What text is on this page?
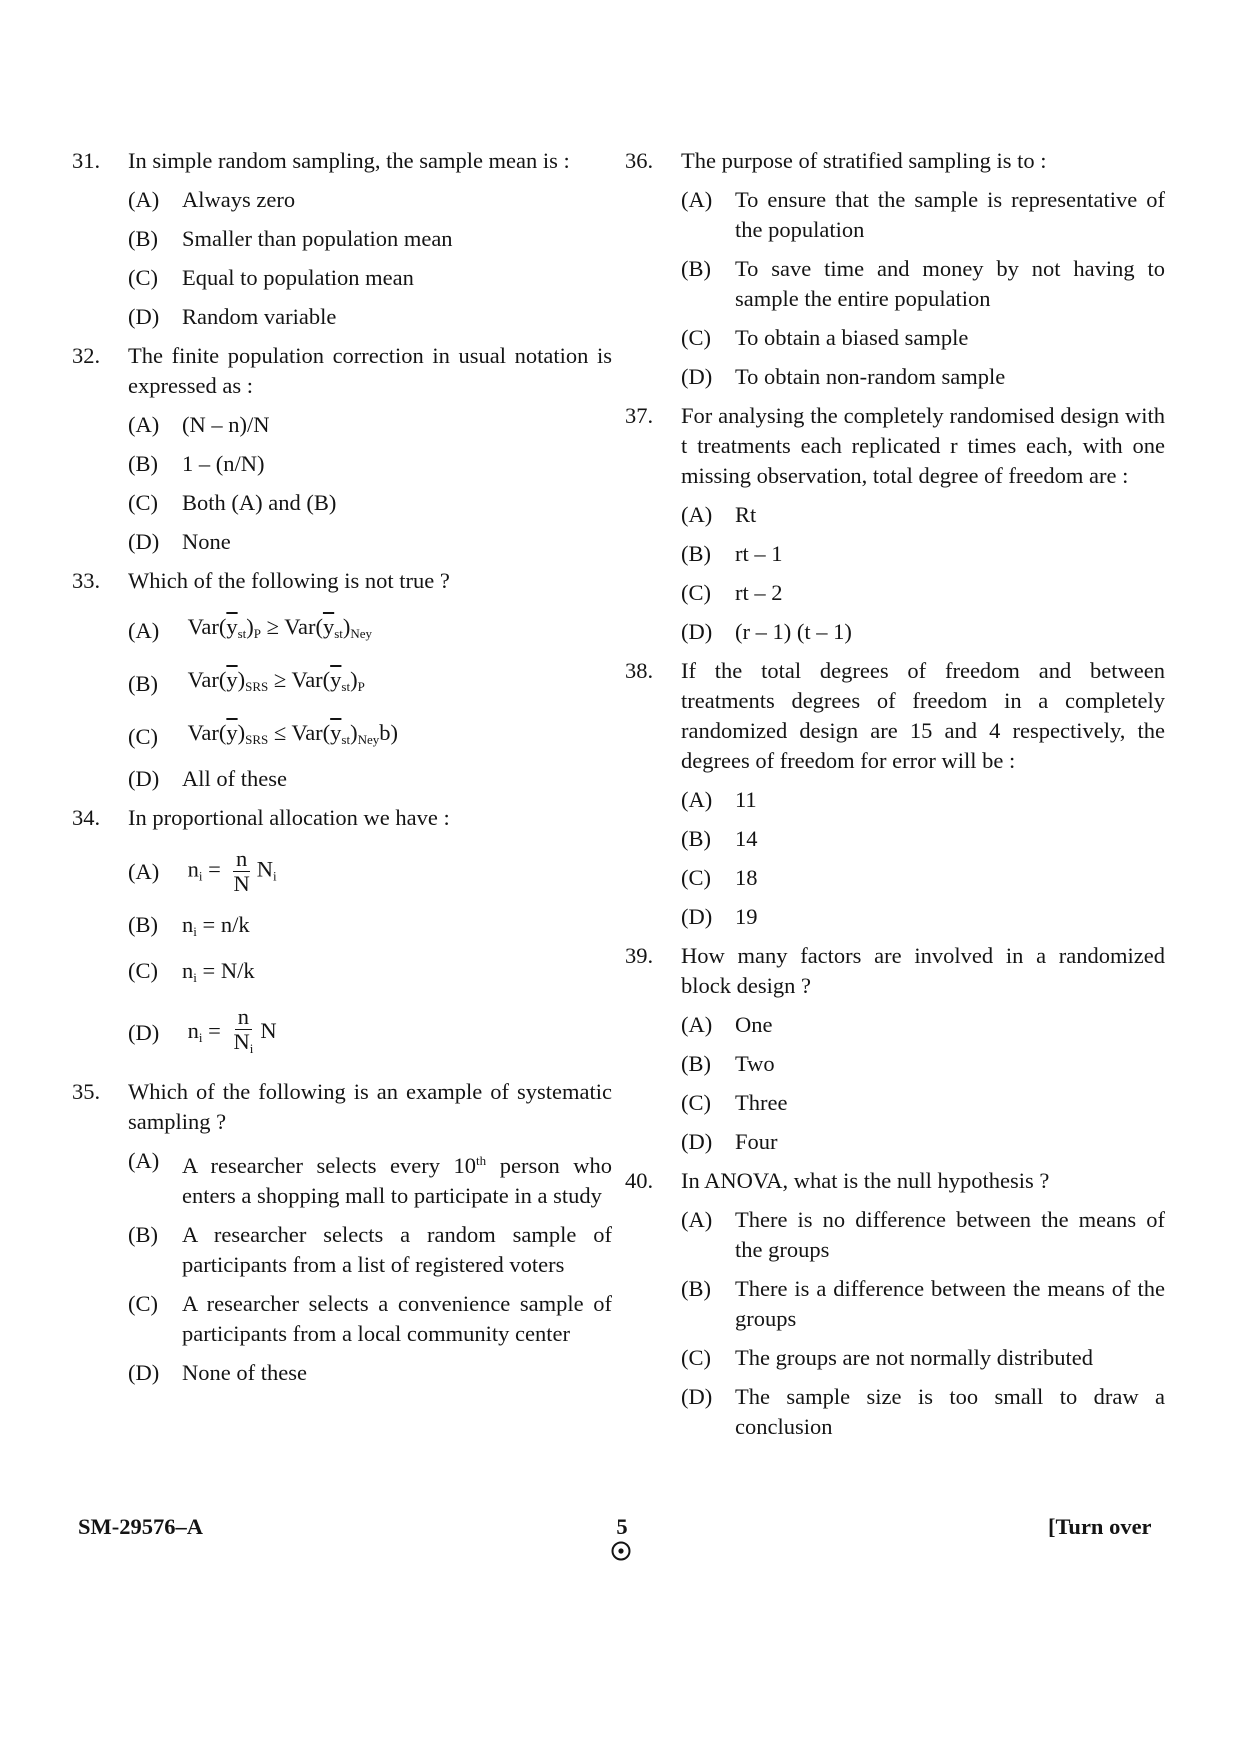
31.	In simple random sampling, the sample mean is :
(A)	Always zero
(B)	Smaller than population mean
(C)	Equal to population mean
(D)	Random variable
32.	The finite population correction in usual notation is expressed as :
(A)	(N – n)/N
(B)	1 – (n/N)
(C)	Both (A) and (B)
(D)	None
33.	Which of the following is not true ?
(A)	$Var(\overline{y}_{st})_P \ge Var(\overline{y}_{st})_{Ney}$
(B)	$Var(\overline{y})_{SRS} \ge Var(\overline{y}_{st})_P$
(C)	$Var(\overline{y})_{SRS} \le Var(\overline{y}_{st})_{Ney}b$)
(D)	All of these
34.	In proportional allocation we have :
(A)	$n_i = \frac{n}{N} N_i$
(B)	$n_i = n/k$
(C)	$n_i = N/k$
(D)	$n_i = \frac{n}{N_i}$ N
35.	Which of the following is an example of systematic sampling ?
(A)	A researcher selects every 10th person who enters a shopping mall to participate in a study
(B)	A researcher selects a random sample of participants from a list of registered voters
(C)	A researcher selects a convenience sample of participants from a local community center
(D)	None of these
36.	The purpose of stratified sampling is to :
(A)	To ensure that the sample is representative of the population
(B)	To save time and money by not having to sample the entire population
(C)	To obtain a biased sample
(D)	To obtain non-random sample
37.	For analysing the completely randomised design with t treatments each replicated r times each, with one missing observation, total degree of freedom are :
(A)	Rt
(B)	rt – 1
(C)	rt – 2
(D)	(r – 1) (t – 1)
38.	If the total degrees of freedom and between treatments degrees of freedom in a completely randomized design are 15 and 4 respectively, the degrees of freedom for error will be :
(A)	11
(B)	14
(C)	18
(D)	19
39.	How many factors are involved in a randomized block design ?
(A)	One
(B)	Two
(C)	Three
(D)	Four
40.	In ANOVA, what is the null hypothesis ?
(A)	There is no difference between the means of the groups
(B)	There is a difference between the means of the groups
(C)	The groups are not normally distributed
(D)	The sample size is too small to draw a conclusion
SM-29576–A	5	[Turn over
